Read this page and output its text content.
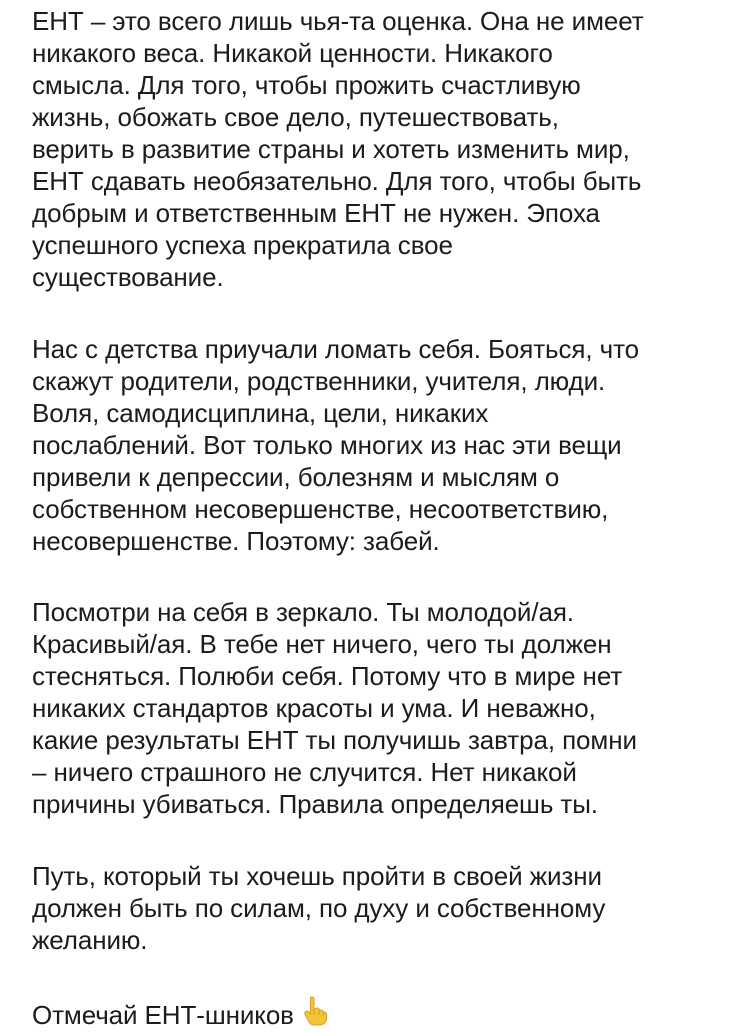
ЕНТ – это всего лишь чья-та оценка. Она не имеет
никакого веса. Никакой ценности. Никакого
смысла. Для того, чтобы прожить счастливую
жизнь, обожать свое дело, путешествовать,
верить в развитие страны и хотеть изменить мир,
ЕНТ сдавать необязательно. Для того, чтобы быть
добрым и ответственным ЕНТ не нужен. Эпоха
успешного успеха прекратила свое
существование.
Нас с детства приучали ломать себя. Бояться, что
скажут родители, родственники, учителя, люди.
Воля, самодисциплина, цели, никаких
послаблений. Вот только многих из нас эти вещи
привели к депрессии, болезням и мыслям о
собственном несовершенстве, несоответствию,
несовершенстве. Поэтому: забей.
Посмотри на себя в зеркало. Ты молодой/ая.
Красивый/ая. В тебе нет ничего, чего ты должен
стесняться. Полюби себя. Потому что в мире нет
никаких стандартов красоты и ума. И неважно,
какие результаты ЕНТ ты получишь завтра, помни
– ничего страшного не случится. Нет никакой
причины убиваться. Правила определяешь ты.
Путь, который ты хочешь пройти в своей жизни
должен быть по силам, по духу и собственному
желанию.
Отмечай ЕНТ-шников
